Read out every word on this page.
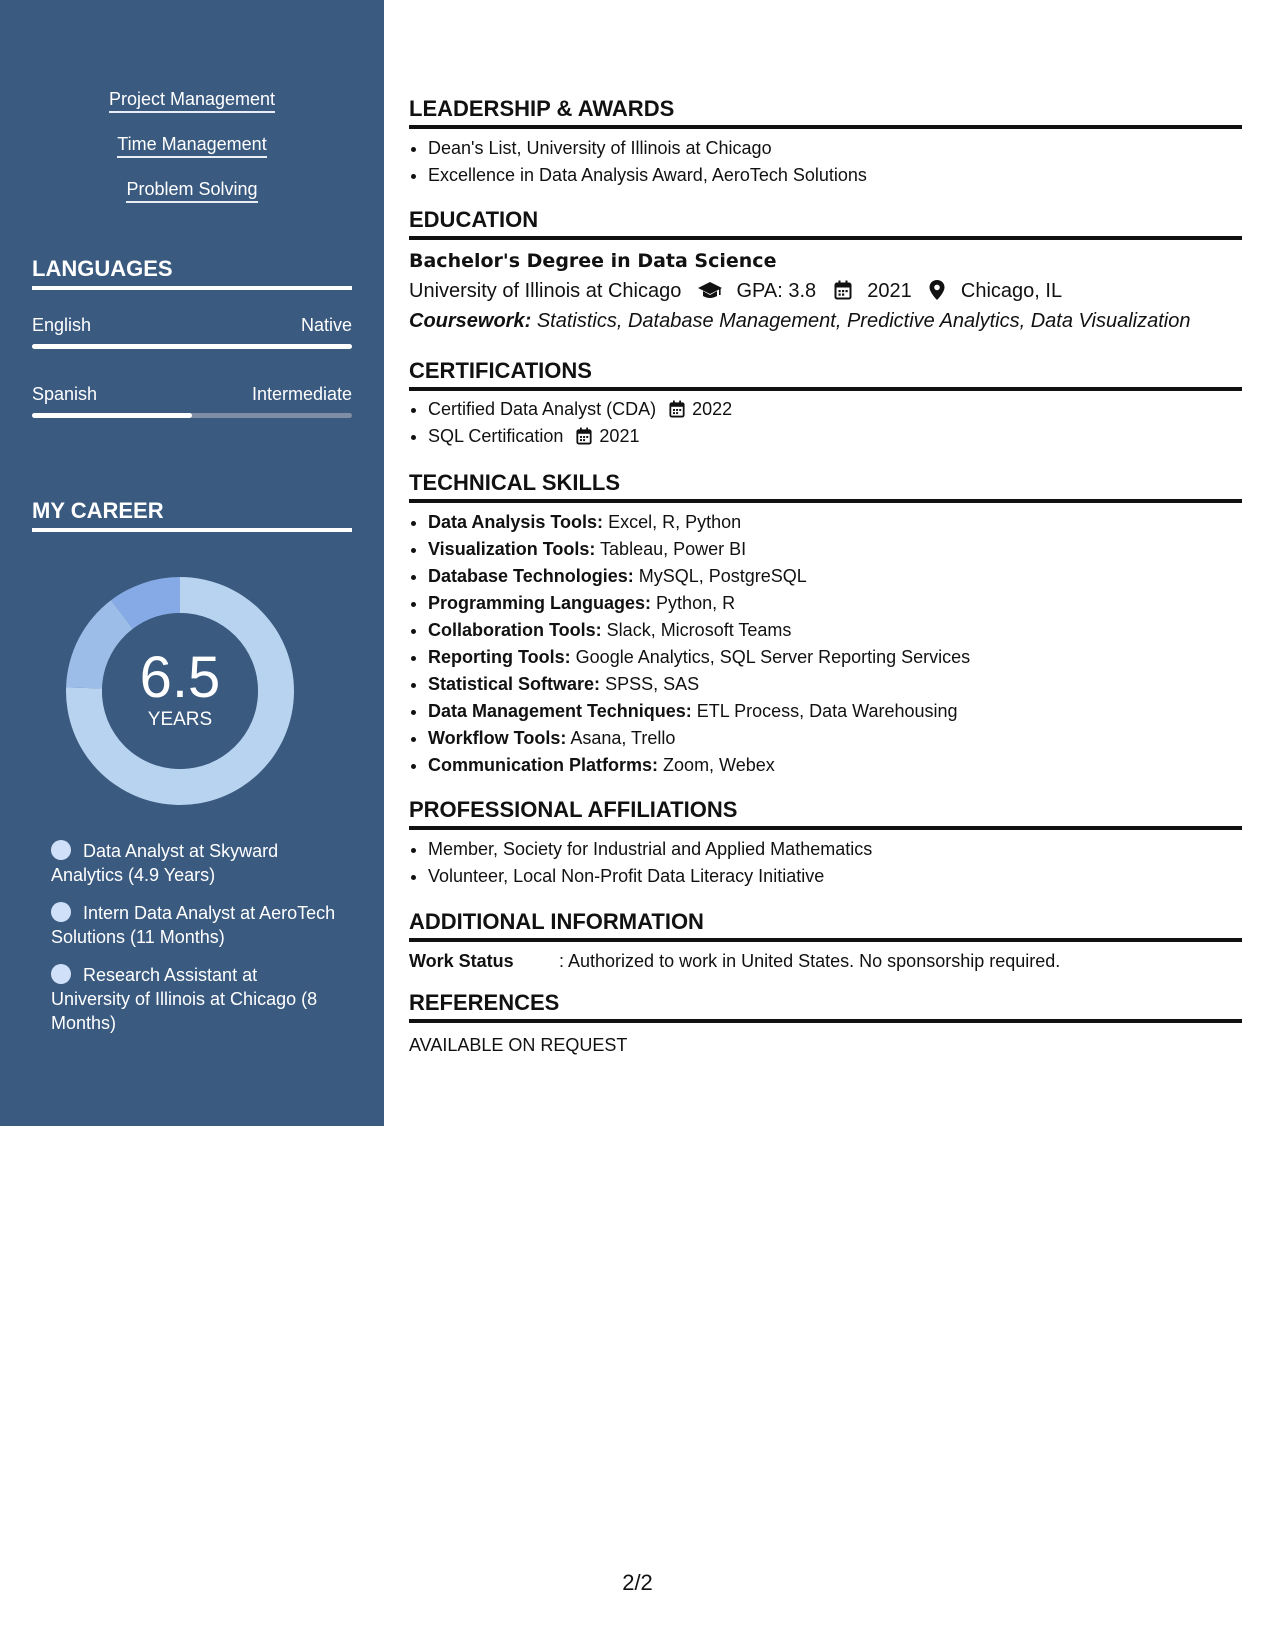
Project Management
Time Management
Problem Solving
LANGUAGES
English	Native
Spanish	Intermediate
MY CAREER
6.5
YEARS
Data Analyst at Skyward Analytics (4.9 Years)
Intern Data Analyst at AeroTech Solutions (11 Months)
Research Assistant at University of Illinois at Chicago (8 Months)
LEADERSHIP & AWARDS
• Dean's List, University of Illinois at Chicago
• Excellence in Data Analysis Award, AeroTech Solutions
EDUCATION
Bachelor's Degree in Data Science
University of Illinois at Chicago	GPA: 3.8	2021 Chicago, IL
Coursework: Statistics, Database Management, Predictive Analytics, Data Visualization
CERTIFICATIONS
• Certified Data Analyst (CDA) 2022
• SQL Certification 2021
TECHNICAL SKILLS
• Data Analysis Tools: Excel, R, Python
• Visualization Tools: Tableau, Power BI
• Database Technologies: MySQL, PostgreSQL
• Programming Languages: Python, R
• Collaboration Tools: Slack, Microsoft Teams
• Reporting Tools: Google Analytics, SQL Server Reporting Services
• Statistical Software: SPSS, SAS
• Data Management Techniques: ETL Process, Data Warehousing
• Workflow Tools: Asana, Trello
• Communication Platforms: Zoom, Webex
PROFESSIONAL AFFILIATIONS
• Member, Society for Industrial and Applied Mathematics
• Volunteer, Local Non-Profit Data Literacy Initiative
ADDITIONAL INFORMATION
Work Status	: Authorized to work in United States. No sponsorship required.
REFERENCES
AVAILABLE ON REQUEST
2/2
